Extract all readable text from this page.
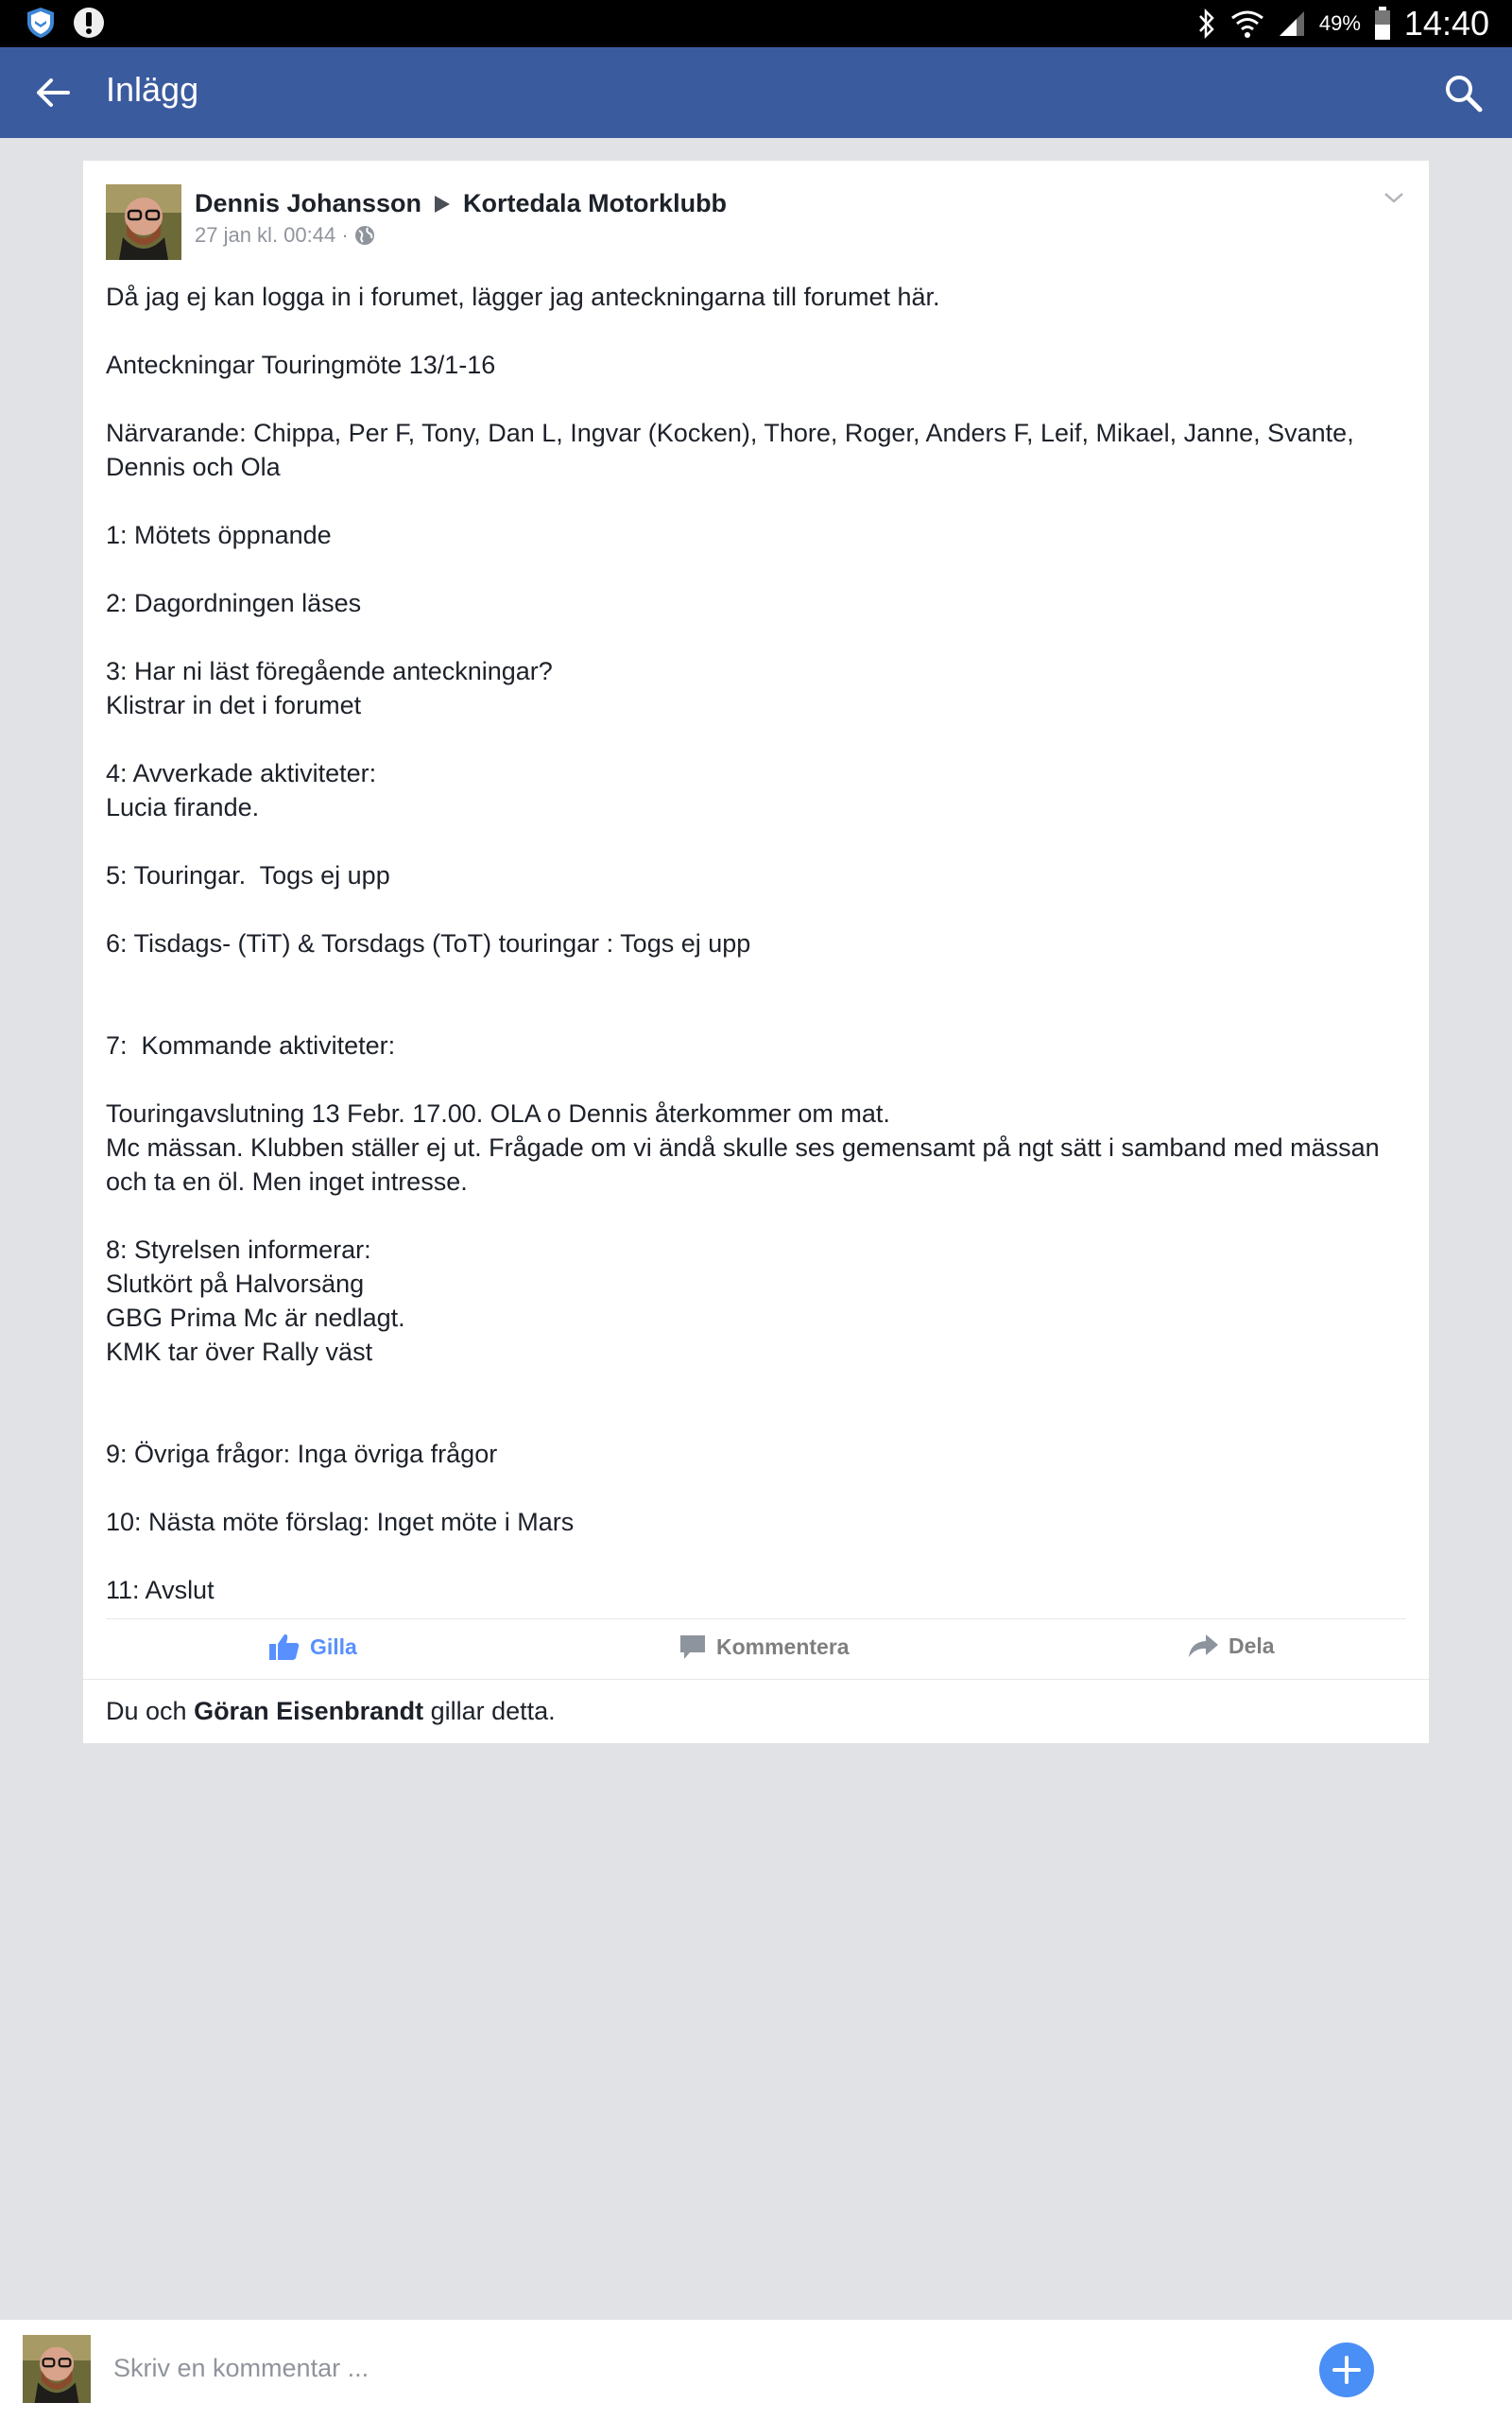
49% 14:40
Inlägg
Dennis Johansson Kortedala Motorklubb
27 jan kl. 00:44 ·

Då jag ej kan logga in i forumet, lägger jag anteckningarna till forumet här.

Anteckningar Touringmöte 13/1-16

Närvarande: Chippa, Per F, Tony, Dan L, Ingvar (Kocken), Thore, Roger, Anders F, Leif, Mikael, Janne, Svante, Dennis och Ola

1: Mötets öppnande

2: Dagordningen läses

3: Har ni läst föregående anteckningar?
Klistrar in det i forumet

4: Avverkade aktiviteter:
Lucia firande.

5: Touringar.  Togs ej upp

6: Tisdags- (TiT) & Torsdags (ToT) touringar : Togs ej upp

7:  Kommande aktiviteter:

Touringavslutning 13 Febr. 17.00. OLA o Dennis återkommer om mat.
Mc mässan. Klubben ställer ej ut. Frågade om vi ändå skulle ses gemensamt på ngt sätt i samband med mässan och ta en öl. Men inget intresse.

8: Styrelsen informerar:
Slutkört på Halvorsäng
GBG Prima Mc är nedlagt.
KMK tar över Rally väst

9: Övriga frågor: Inga övriga frågor

10: Nästa möte förslag: Inget möte i Mars

11: Avslut

Gilla	Kommentera	Dela
Du och Göran Eisenbrandt gillar detta.
Skriv en kommentar ...
